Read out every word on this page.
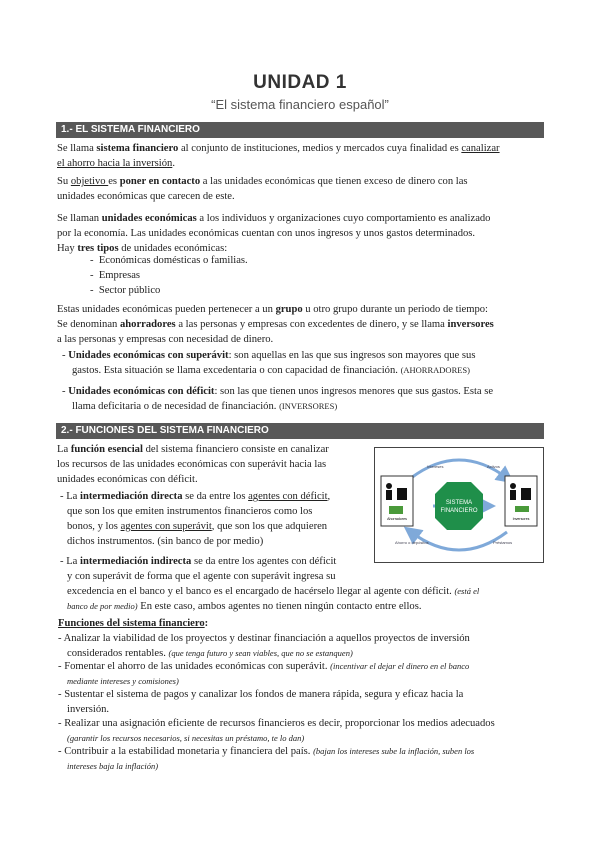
UNIDAD 1
“El sistema financiero español”
1.- EL SISTEMA FINANCIERO

Se llama sistema financiero al conjunto de instituciones, medios y mercados cuya finalidad es canalizar
el ahorro hacia la inversión.

Su objetivo es poner en contacto a las unidades económicas que tienen exceso de dinero con las
unidades económicas que carecen de este.

Se llaman unidades económicas a los individuos y organizaciones cuyo comportamiento es analizado
por la economía. Las unidades económicas cuentan con unos ingresos y unos gastos determinados.
Hay tres tipos de unidades económicas:

-  Económicas domésticas o familias.
-  Empresas
-  Sector público

Estas unidades económicas pueden pertenecer a un grupo u otro grupo durante un periodo de tiempo:
Se denominan ahorradores a las personas y empresas con excedentes de dinero, y se llama inversores
a las personas y empresas con necesidad de dinero.

- Unidades económicas con superávit: son aquellas en las que sus ingresos son mayores que sus
gastos. Esta situación se llama excedentaria o con capacidad de financiación. (AHORRADORES)
- Unidades económicas con déficit: son las que tienen unos ingresos menores que sus gastos. Esta se
llama deficitaria o de necesidad de financiación. (INVERSORES)
2.- FUNCIONES DEL SISTEMA FINANCIERO

La función esencial del sistema financiero consiste en canalizar
los recursos de las unidades económicas con superávit hacia las
unidades económicas con déficit.

- La intermediación directa se da entre los agentes con déficit,
que son los que emiten instrumentos financieros como los
bonos, y los agentes con superávit, que son los que adquieren
dichos instrumentos. (sin banco de por medio)
- La intermediación indirecta se da entre los agentes con déficit
y con superávit de forma que el agente con superávit ingresa su
excedencia en el banco y el banco es el encargado de hacérselo llegar al agente con déficit. (está el
banco de por medio) En este caso, ambos agentes no tienen ningún contacto entre ellos.
Funciones del sistema financiero:
- Analizar la viabilidad de los proyectos y destinar financiación a aquellos proyectos de inversión
considerados rentables. (que tenga futuro y sean viables, que no se estanquen)
- Fomentar el ahorro de las unidades económicas con superávit. (incentivar el dejar el dinero en el banco
mediante intereses y comisiones)
- Sustentar el sistema de pagos y canalizar los fondos de manera rápida, segura y eficaz hacia la
inversión.
- Realizar una asignación eficiente de recursos financieros es decir, proporcionar los medios adecuados
(garantir los recursos necesarios, si necesitas un préstamo, te lo dan)
- Contribuir a la estabilidad monetaria y financiera del país. (bajan los intereses sube la inflación, suben los
intereses baja la inflación)
SISTEMA
FINANCIERO
Ahorradores	Inversores
Intereses	Activos
Ahorro o depósitos	Préstamos
